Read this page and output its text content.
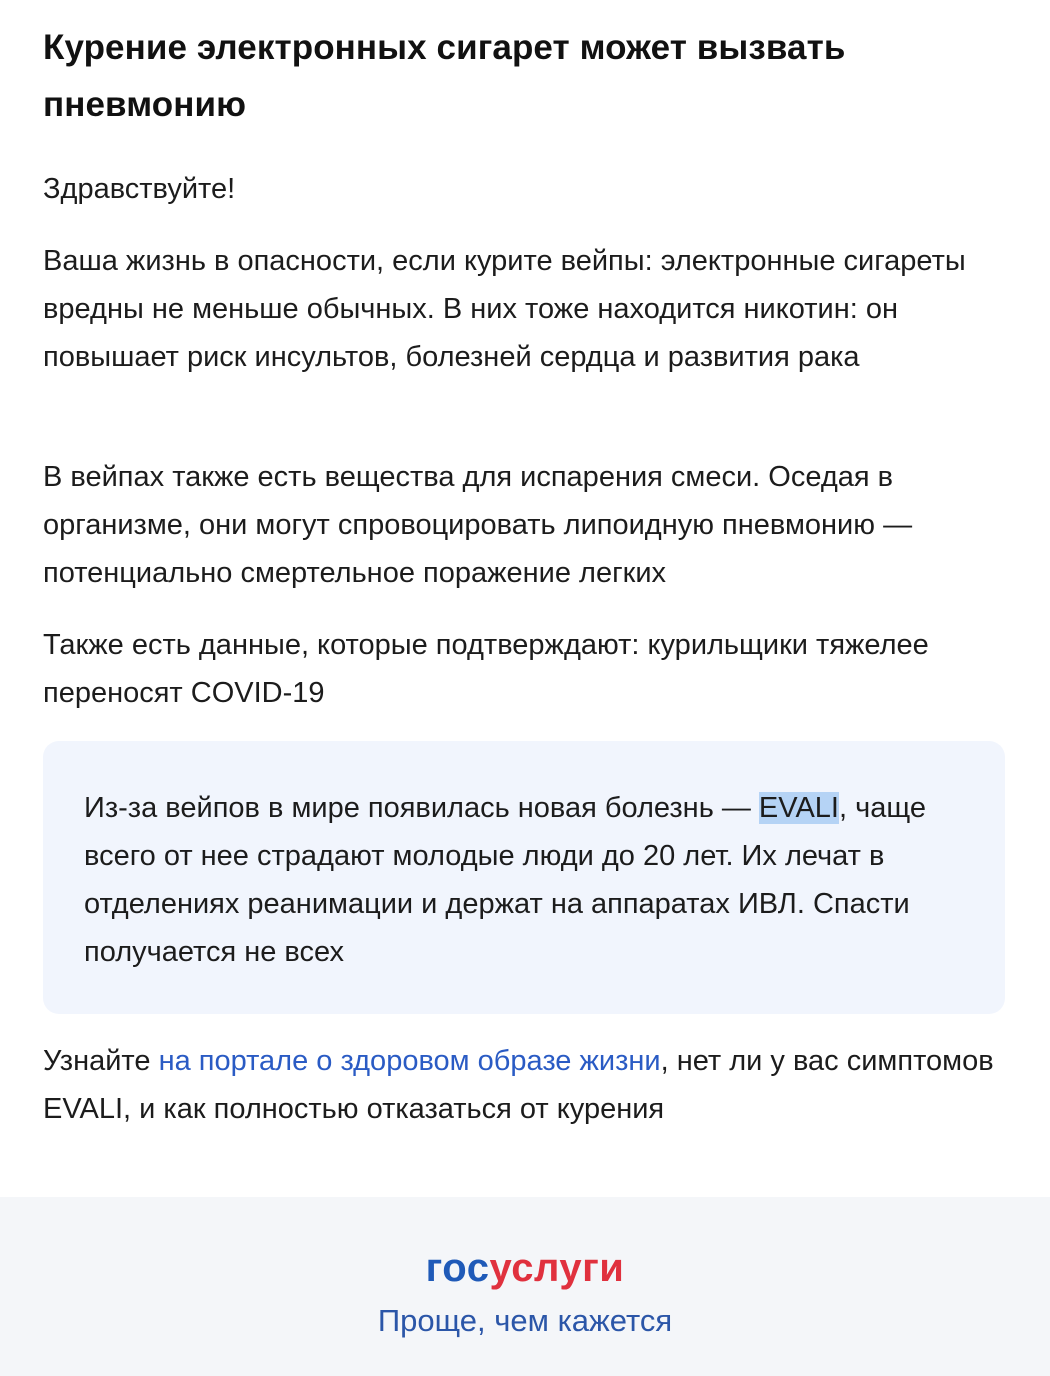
Курение электронных сигарет может вызвать пневмонию

Здравствуйте!

Ваша жизнь в опасности, если курите вейпы: электронные сигареты вредны не меньше обычных. В них тоже находится никотин: он повышает риск инсультов, болезней сердца и развития рака

В вейпах также есть вещества для испарения смеси. Оседая в организме, они могут спровоцировать липоидную пневмонию — потенциально смертельное поражение легких

Также есть данные, которые подтверждают: курильщики тяжелее переносят COVID-19

Из-за вейпов в мире появилась новая болезнь — EVALI, чаще всего от нее страдают молодые люди до 20 лет. Их лечат в отделениях реанимации и держат на аппаратах ИВЛ. Спасти получается не всех

Узнайте на портале о здоровом образе жизни, нет ли у вас симптомов EVALI, и как полностью отказаться от курения

госуслуги
Проще, чем кажется
